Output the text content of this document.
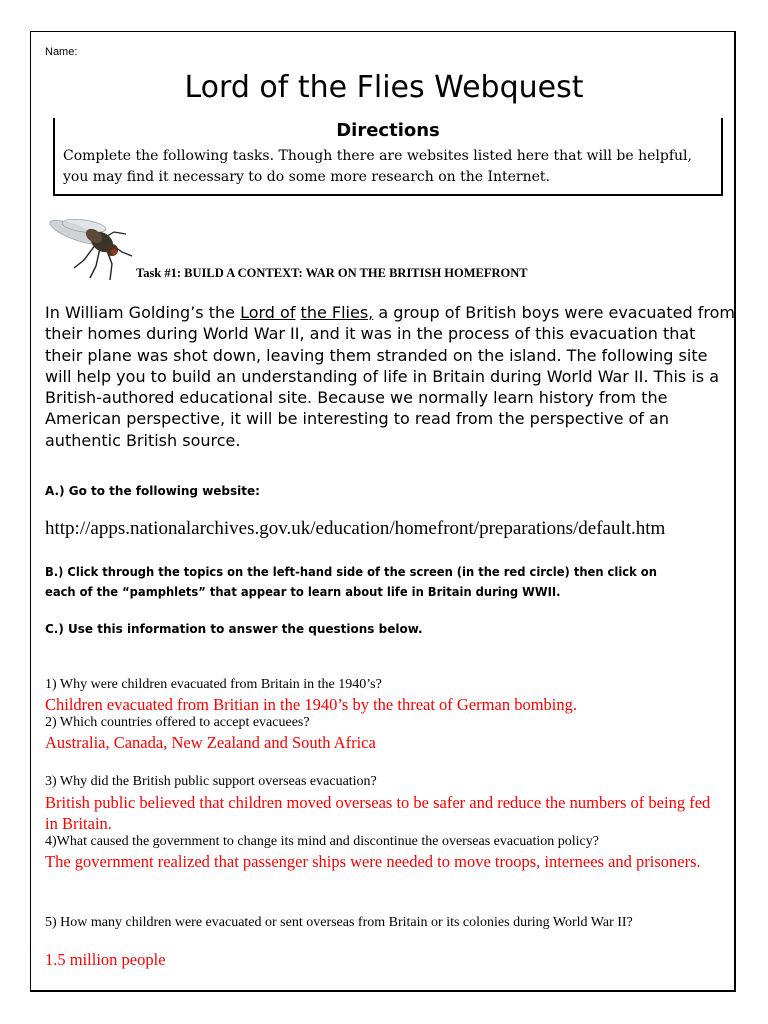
Name:
Lord of the Flies Webquest
Directions

Complete the following tasks. Though there are websites listed here that will be helpful, you may find it necessary to do some more research on the Internet.

Task #1: BUILD A CONTEXT: WAR ON THE BRITISH HOMEFRONT

In William Golding’s the Lord of the Flies, a group of British boys were evacuated from their homes during World War II, and it was in the process of this evacuation that their plane was shot down, leaving them stranded on the island. The following site will help you to build an understanding of life in Britain during World War II. This is a British-authored educational site. Because we normally learn history from the American perspective, it will be interesting to read from the perspective of an authentic British source.

A.) Go to the following website:

http://apps.nationalarchives.gov.uk/education/homefront/preparations/default.htm

B.) Click through the topics on the left-hand side of the screen (in the red circle) then click on each of the “pamphlets” that appear to learn about life in Britain during WWII.

C.) Use this information to answer the questions below.

1) Why were children evacuated from Britain in the 1940’s?

Children evacuated from Britian in the 1940’s by the threat of German bombing.

2) Which countries offered to accept evacuees?

Australia, Canada, New Zealand and South Africa

3) Why did the British public support overseas evacuation?

British public believed that children moved overseas to be safer and reduce the numbers of being fed in Britain.

4)What caused the government to change its mind and discontinue the overseas evacuation policy?

The government realized that passenger ships were needed to move troops, internees and prisoners.

5) How many children were evacuated or sent overseas from Britain or its colonies during World War II?

1.5 million people
